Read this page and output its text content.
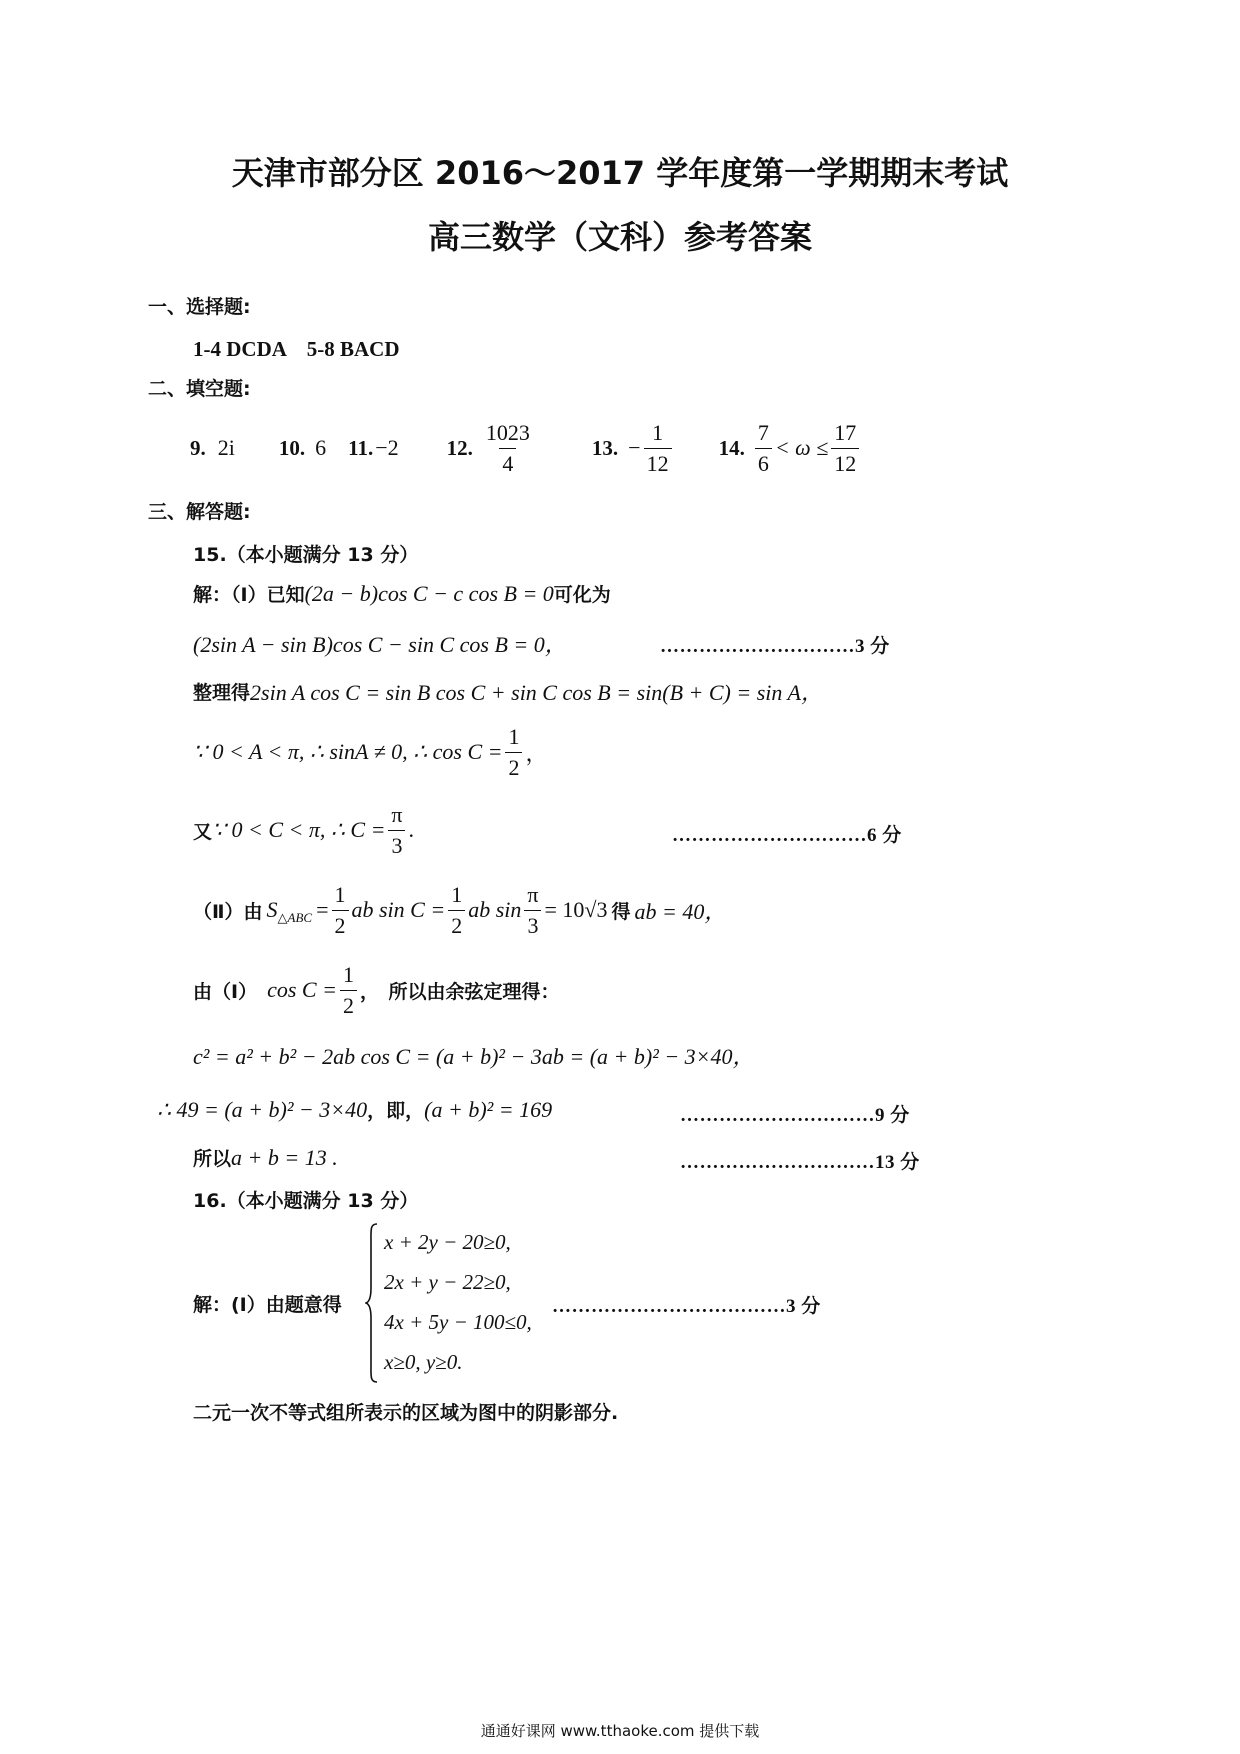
天津市部分区 2016～2017 学年度第一学期期末考试
高三数学（文科）参考答案
一、选择题:
1-4 DCDA　5-8 BACD
二、填空题:
9. 2i 10. 6 11. −2 12. $\frac{1023}{4}$	13. − $\frac{1}{12} 14$. $\frac{7}{6} < \omega \le \frac{17}{12}$
三、解答题:
15.（本小题满分 13 分）
解：（Ⅰ）已知 (2a − b)cos C − c cos B = 0 可化为
(2sin A − sin B)cos C − sin C cos B = 0，	…………………………3 分
整理得 2sin A cos C = sin B cos C + sin C cos B = sin(B + C) = sin A，
∵ 0 < A < π, ∴ sinA ≠ 0, ∴ $\cos C = \frac{1}{2}$ ，
又 ∵ 0 < C < π, ∴ $C = \frac{\pi}{3}$ .	…………………………6 分
（Ⅱ）由 S △ABC = $\frac{1}{2}$ ab $\sin C = \frac{1}{2}$ ab $\sin \frac{\pi}{3} = 10√3$ 得 ab = 40，
由（Ⅰ） $\cos C = \frac{1}{2}$ ，　所以由余弦定理得：
c² = a² + b² − 2ab cos C = (a + b)² − 3ab = (a + b)² − 3×40，
∴ 49 = (a + b)² − 3×40 ，即， (a + b)² = 169	…………………………9 分
所以 a + b = 13 .	…………………………13 分
16.（本小题满分 13 分）
解：(I）由题意得
x + 2y − 20≥0,
2x + y − 22≥0,
4x + 5y − 100≤0,
x≥0, y≥0.
………………………………3 分
二元一次不等式组所表示的区域为图中的阴影部分.
通通好课网 www.tthaoke.com 提供下载
